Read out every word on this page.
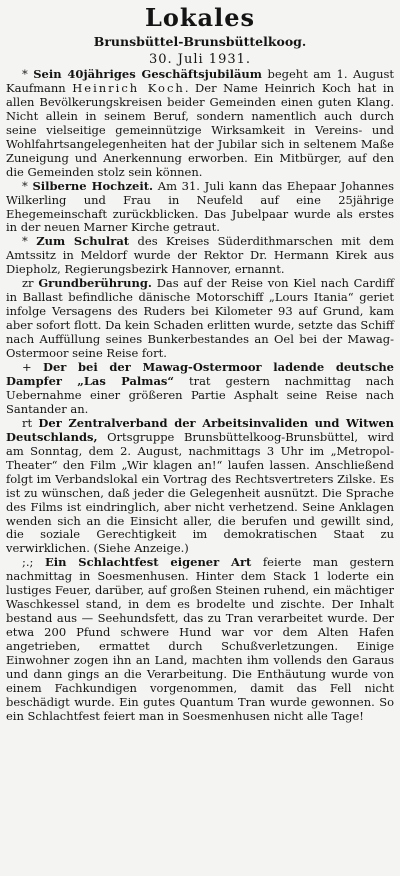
Lokales
Brunsbüttel-Brunsbüttelkoog.
30. Juli 1931.

* Sein 40jähriges Geschäftsjubiläum begeht am 1. August Kaufmann Heinrich Koch. Der Name Heinrich Koch hat in allen Bevölkerungskreisen beider Gemeinden einen guten Klang. Nicht allein in seinem Beruf, sondern namentlich auch durch seine vielseitige gemeinnützige Wirksamkeit in Vereins- und Wohlfahrtsangelegenheiten hat der Jubilar sich in seltenem Maße Zuneigung und Anerkennung erworben. Ein Mitbürger, auf den die Gemeinden stolz sein können.

* Silberne Hochzeit. Am 31. Juli kann das Ehepaar Johannes Wilkerling und Frau in Neufeld auf eine 25jährige Ehegemeinschaft zurückblicken. Das Jubelpaar wurde als erstes in der neuen Marner Kirche getraut.

* Zum Schulrat des Kreises Süderdithmarschen mit dem Amtssitz in Meldorf wurde der Rektor Dr. Hermann Kirek aus Diepholz, Regierungsbezirk Hannover, ernannt.

zr Grundberührung. Das auf der Reise von Kiel nach Cardiff in Ballast befindliche dänische Motorschiff „Lours Itania“ geriet infolge Versagens des Ruders bei Kilometer 93 auf Grund, kam aber sofort flott. Da kein Schaden erlitten wurde, setzte das Schiff nach Auffüllung seines Bunkerbestandes an Oel bei der Mawag-Ostermoor seine Reise fort.

+ Der bei der Mawag-Ostermoor ladende deutsche Dampfer „Las Palmas“ trat gestern nachmittag nach Uebernahme einer größeren Partie Asphalt seine Reise nach Santander an.

rt Der Zentralverband der Arbeitsinvaliden und Witwen Deutschlands, Ortsgruppe Brunsbüttelkoog-Brunsbüttel, wird am Sonntag, dem 2. August, nachmittags 3 Uhr im „Metropol-Theater“ den Film „Wir klagen an!“ laufen lassen. Anschließend folgt im Verbandslokal ein Vortrag des Rechtsvertreters Zilske. Es ist zu wünschen, daß jeder die Gelegenheit ausnützt. Die Sprache des Films ist eindringlich, aber nicht verhetzend. Seine Anklagen wenden sich an die Einsicht aller, die berufen und gewillt sind, die soziale Gerechtigkeit im demokratischen Staat zu verwirklichen. (Siehe Anzeige.)

;.; Ein Schlachtfest eigener Art feierte man gestern nachmittag in Soesmenhusen. Hinter dem Stack 1 loderte ein lustiges Feuer, darüber, auf großen Steinen ruhend, ein mächtiger Waschkessel stand, in dem es brodelte und zischte. Der Inhalt bestand aus — Seehundsfett, das zu Tran verarbeitet wurde. Der etwa 200 Pfund schwere Hund war vor dem Alten Hafen angetrieben, ermattet durch Schußverletzungen. Einige Einwohner zogen ihn an Land, machten ihm vollends den Garaus und dann gings an die Verarbeitung. Die Enthäutung wurde von einem Fachkundigen vorgenommen, damit das Fell nicht beschädigt wurde. Ein gutes Quantum Tran wurde gewonnen. So ein Schlachtfest feiert man in Soesmenhusen nicht alle Tage!
